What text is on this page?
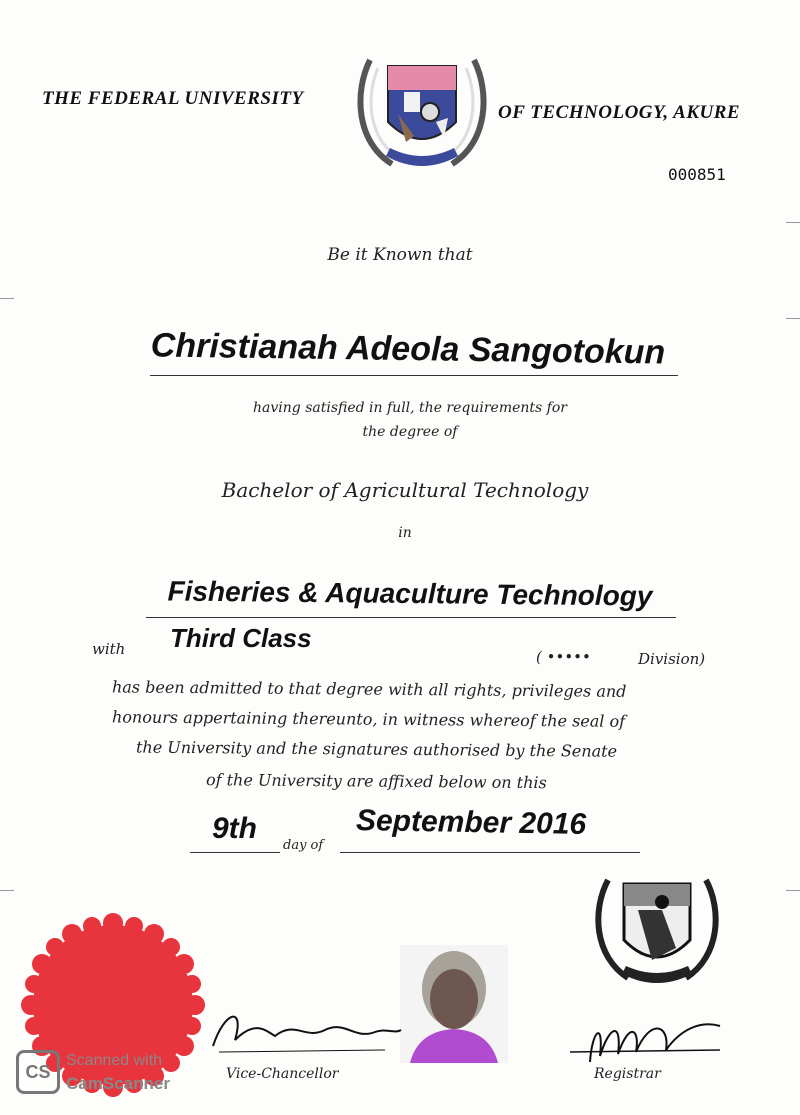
THE FEDERAL UNIVERSITY
OF TECHNOLOGY, AKURE
000851
Be it Known that
Christianah Adeola Sangotokun
having satisfied in full, the requirements for
the degree of
Bachelor of Agricultural Technology
in
Fisheries & Aquaculture Technology
with Third Class
( •••••	Division)
has been admitted to that degree with all rights, privileges and
honours appertaining thereunto, in witness whereof the seal of
the University and the signatures authorised by the Senate
of the University are affixed below on this
9th
day of
September 2016
Vice-Chancellor	Registrar
CS
Scanned with
CamScanner
